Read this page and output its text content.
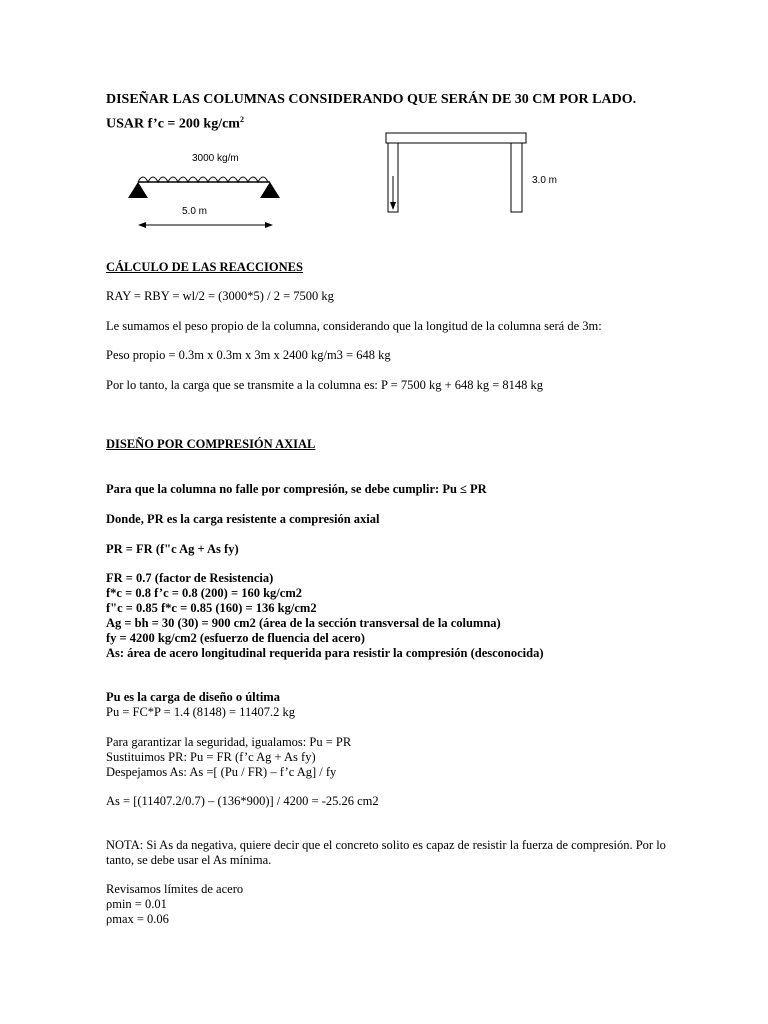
DISEÑAR LAS COLUMNAS CONSIDERANDO QUE SERÁN DE 30 CM POR LADO.
USAR f’c = 200 $kg/cm^2$
3000 kg/m
5.0 m
3.0 m
CÁLCULO DE LAS REACCIONES
RAY = RBY = wl/2 = (3000*5) / 2 = 7500 kg
Le sumamos el peso propio de la columna, considerando que la longitud de la columna será de 3m:
Peso propio = 0.3m x 0.3m x 3m x 2400 kg/m3 = 648 kg
Por lo tanto, la carga que se transmite a la columna es: P = 7500 kg + 648 kg = 8148 kg
DISEÑO POR COMPRESIÓN AXIAL
Para que la columna no falle por compresión, se debe cumplir: Pu ≤ PR
Donde, PR es la carga resistente a compresión axial
PR = FR (f"c Ag + As fy)
FR = 0.7 (factor de Resistencia)
f*c = 0.8 f’c = 0.8 (200) = 160 kg/cm2
f"c = 0.85 f*c = 0.85 (160) = 136 kg/cm2
Ag = bh = 30 (30) = 900 cm2 (área de la sección transversal de la columna)
fy = 4200 kg/cm2 (esfuerzo de fluencia del acero)
As: área de acero longitudinal requerida para resistir la compresión (desconocida)
Pu es la carga de diseño o última
Pu = FC*P = 1.4 (8148) = 11407.2 kg
Para garantizar la seguridad, igualamos: Pu = PR
Sustituimos PR: Pu = FR (f’c Ag + As fy)
Despejamos As: As =[ (Pu / FR) – f’c Ag] / fy
As = [(11407.2/0.7) – (136*900)] / 4200 = -25.26 cm2
NOTA: Si As da negativa, quiere decir que el concreto solito es capaz de resistir la fuerza de compresión. Por lo tanto, se debe usar el As mínima.
Revisamos límites de acero
ρmin = 0.01
ρmax = 0.06
